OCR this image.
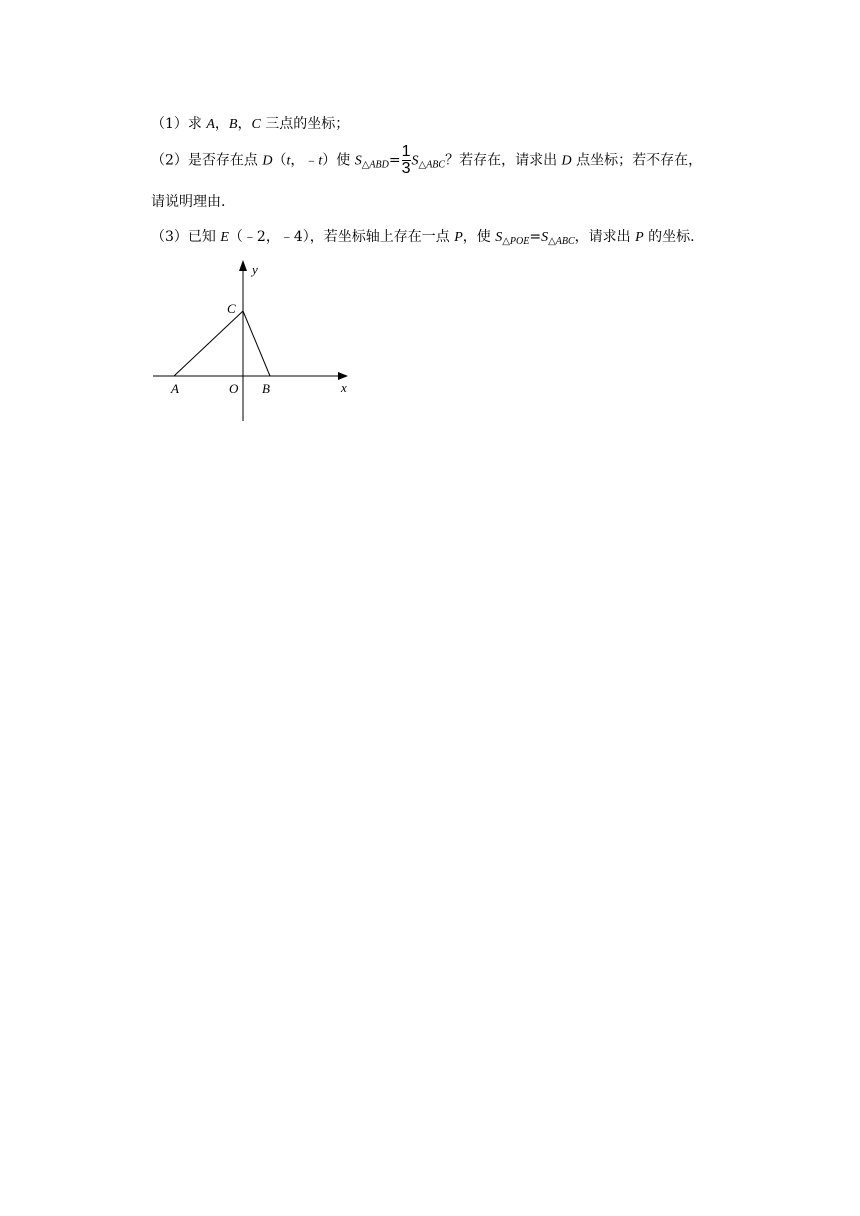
（1）求 A，B，C 三点的坐标；
（2）是否存在点 D（t，﹣t）使 $S_{\triangle ABD}=\frac{1}{3}S_{\triangle ABC}$？若存在，请求出 D 点坐标；若不存在，
请说明理由.
（3）已知 E（﹣2，﹣4），若坐标轴上存在一点 P，使 $S_{\triangle POE}=S_{\triangle ABC}$，请求出 P 的坐标.
y
x
C
A	O B
